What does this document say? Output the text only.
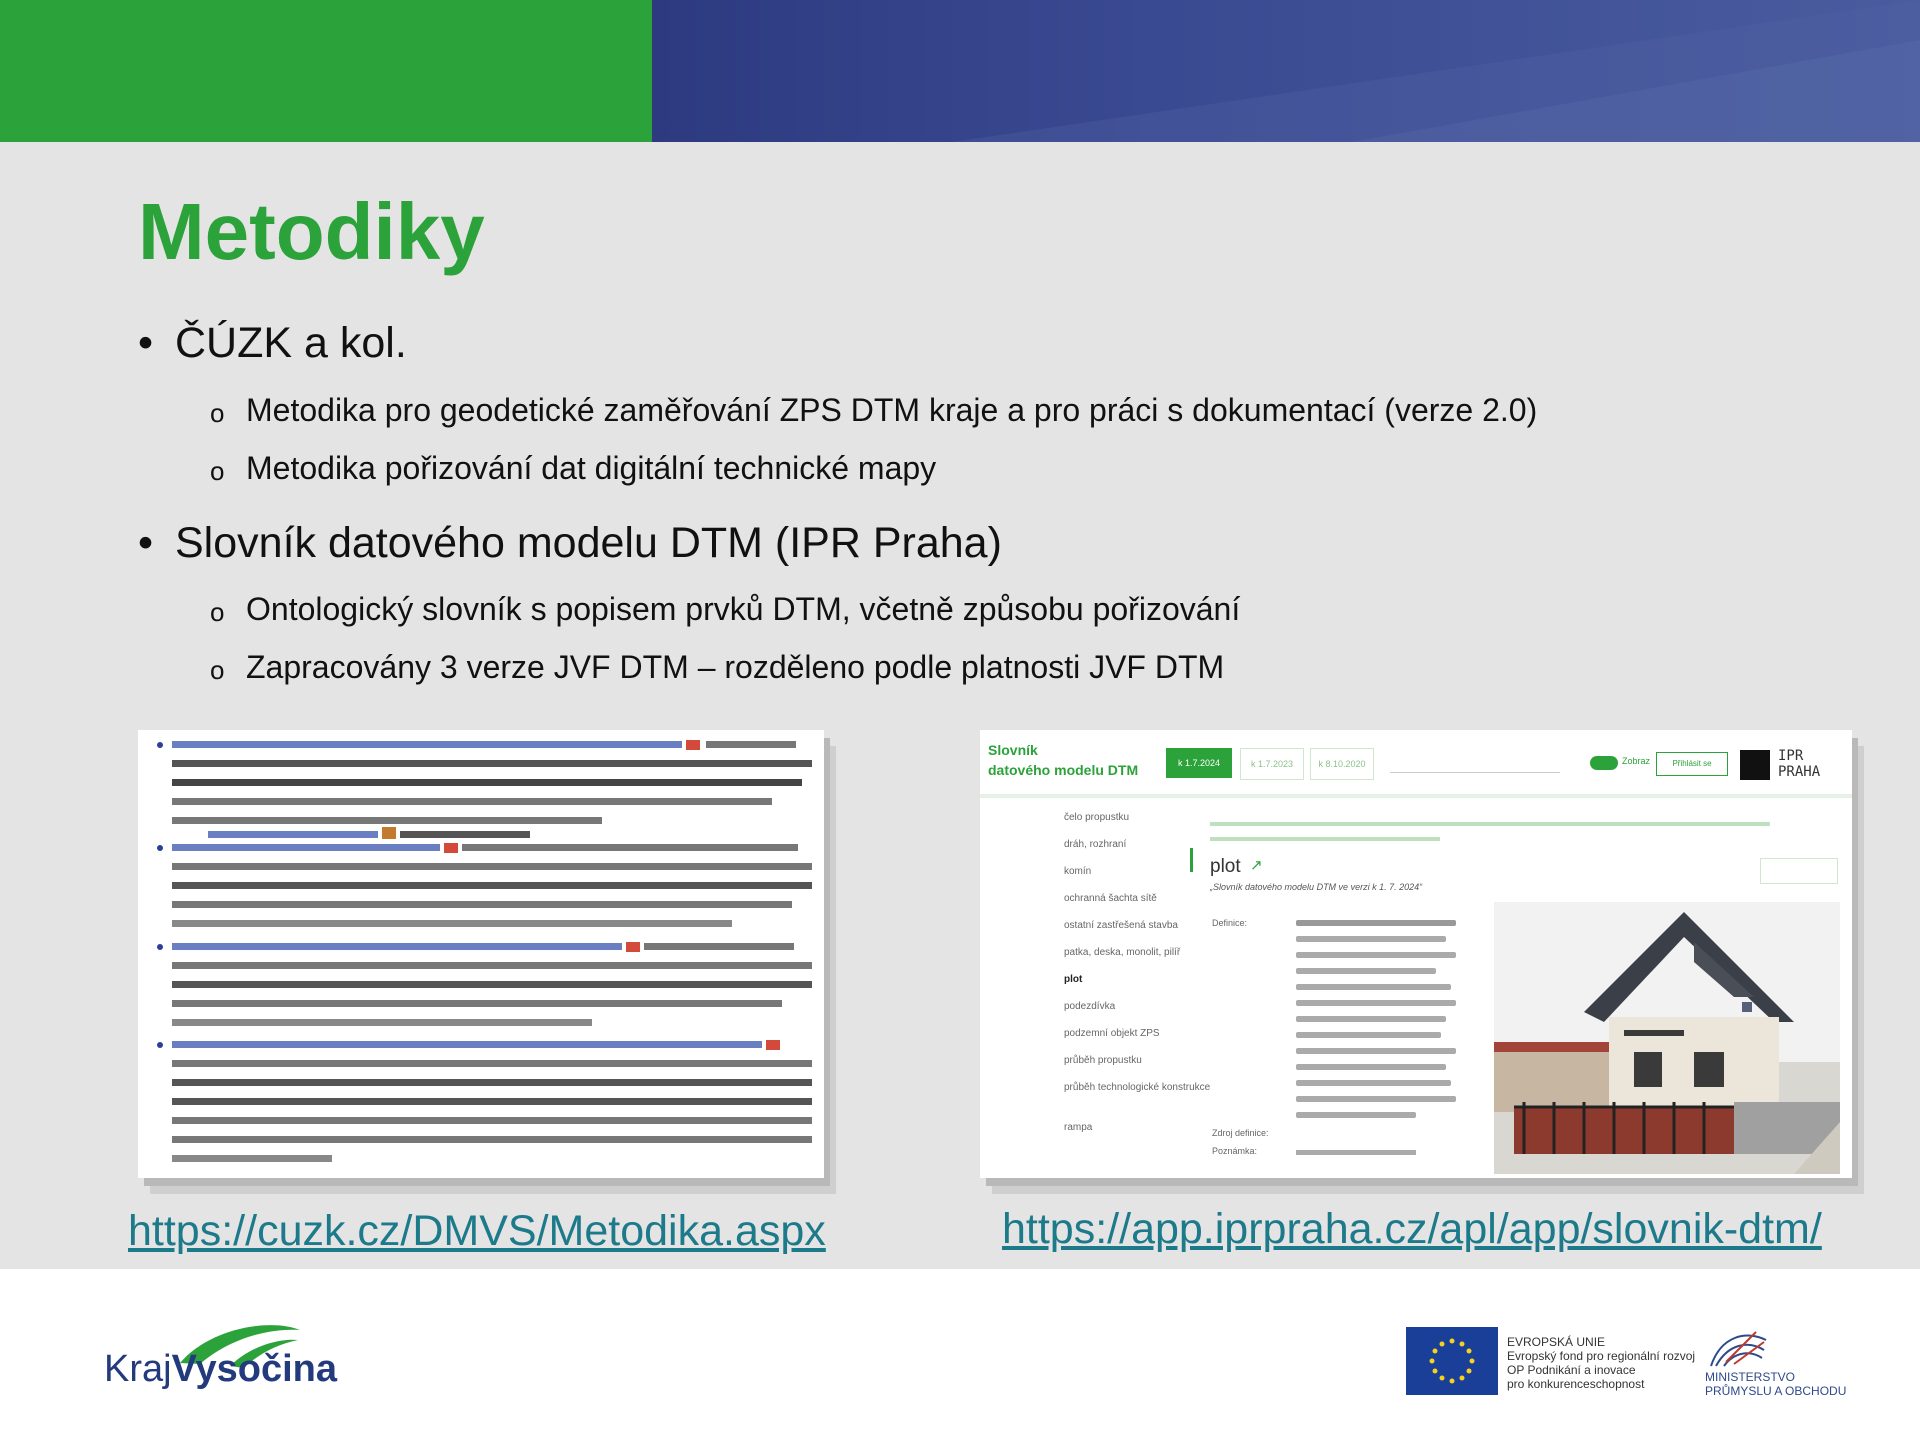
Metodiky
• ČÚZK a kol.
o Metodika pro geodetické zaměřování ZPS DTM kraje a pro práci s dokumentací (verze 2.0)
o Metodika pořizování dat digitální technické mapy
• Slovník datového modelu DTM (IPR Praha)
o Ontologický slovník s popisem prvků DTM, včetně způsobu pořizování
o Zapracovány 3 verze JVF DTM – rozděleno podle platnosti JVF DTM
Slovník
datového modelu DTM	k 1.7.2024	k 1.7.2023	k 8.10.2020	Zobraz	Přihlásit se	IPR
PRAHA
čelo propustku
dráh, rozhraní
komín
ochranná šachta sítě
ostatní zastřešená stavba
patka, deska, monolit, pilíř
plot
podezdívka
podzemní objekt ZPS
průběh propustku
průběh technologické konstrukce
rampa
plot ↗
„Slovník datového modelu DTM ve verzi k 1. 7. 2024“
Definice:
Zdroj definice:
Poznámka:
https://cuzk.cz/DMVS/Metodika.aspx	https://app.iprpraha.cz/apl/app/slovnik-dtm/
KrajVysočina
EVROPSKÁ UNIE
Evropský fond pro regionální rozvoj
OP Podnikání a inovace
pro konkurenceschopnost	MINISTERSTVO
PRŮMYSLU A OBCHODU
